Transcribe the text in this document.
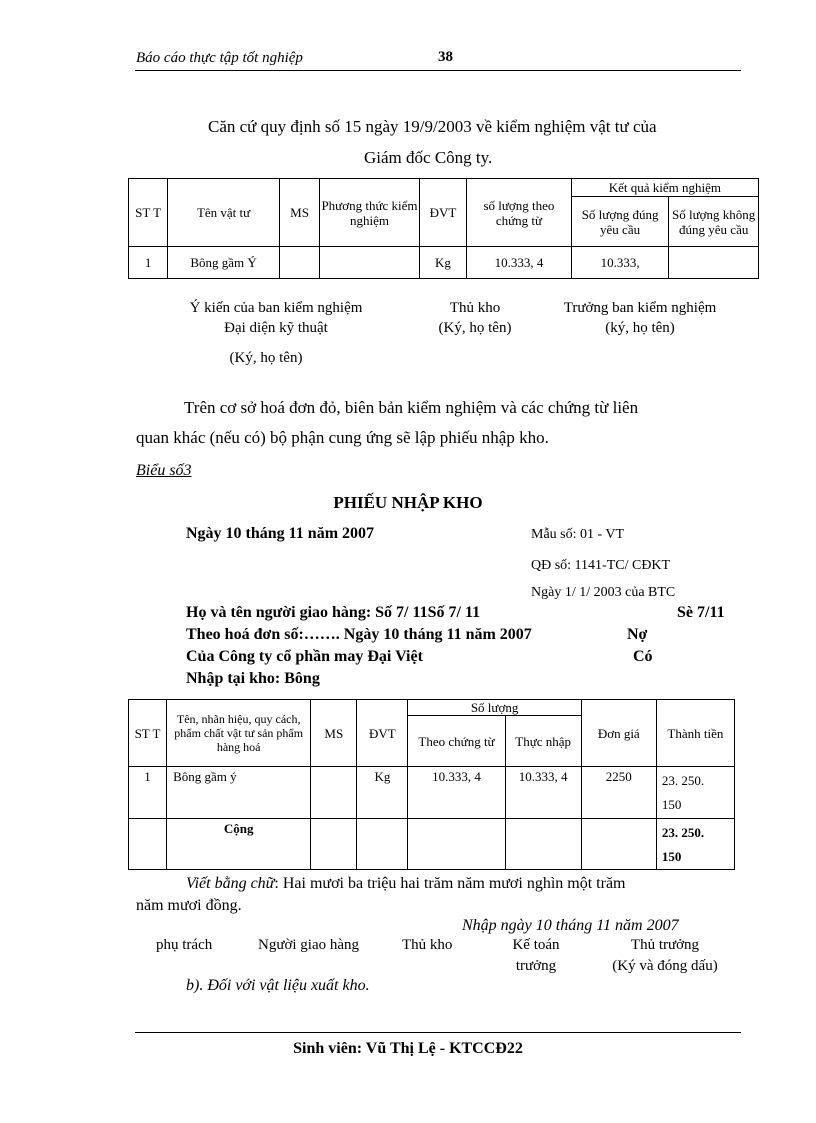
Báo cáo thực tập tốt nghiệp	38
Căn cứ quy định số 15 ngày 19/9/2003 về kiểm nghiệm vật tư của
Giám đốc Công ty.
ST T	Tên vật tư	MS	Phương thức kiểm nghiệm	ĐVT	số lượng theo chứng từ	Kết quả kiểm nghiệm	
						Số lượng đúng yêu cầu	Số lượng không đúng yêu cầu
1	Bông gầm Ý			Kg	10.333, 4	10.333,	
Ý kiến của ban kiểm nghiệm
Đại diện kỹ thuật
(Ký, họ tên)
Thủ kho
(Ký, họ tên)
Trưởng ban kiểm nghiệm
(ký, họ tên)
Trên cơ sở hoá đơn đỏ, biên bản kiểm nghiệm và các chứng từ liên
quan khác (nếu có) bộ phận cung ứng sẽ lập phiếu nhập kho.
Biểu số3
PHIẾU NHẬP KHO
Ngày 10 tháng 11 năm 2007	Mẫu số: 01 - VT
QĐ số: 1141-TC/ CĐKT
Ngày 1/ 1/ 2003 của BTC
Họ và tên người giao hàng: Số 7/ 11Số 7/ 11	Sè 7/11
Theo hoá đơn số:……. Ngày 10 tháng 11 năm 2007	Nợ
Của Công ty cổ phần may Đại Việt	Có
Nhập tại kho: Bông
ST T	Tên, nhãn hiệu, quy cách, phẩm chất vật tư sản phẩm hàng hoá	MS	ĐVT	Số lượng		Đơn giá	Thành tiền
				Theo chứng từ	Thực nhập		
1	Bông gầm ý		Kg	10.333, 4	10.333, 4	2250	23. 250.
150

	Cộng						23. 250.
150
Viết bằng chữ: Hai mươi ba triệu hai trăm năm mươi nghìn một trăm
năm mươi đồng.
Nhập ngày 10 tháng 11 năm 2007
phụ trách	Người giao hàng	Thủ kho	Kế toán
trưởng
Thủ trưởng
(Ký và đóng dấu)
b). Đối với vật liệu xuất kho.
Sinh viên: Vũ Thị Lệ - KTCCĐ22
